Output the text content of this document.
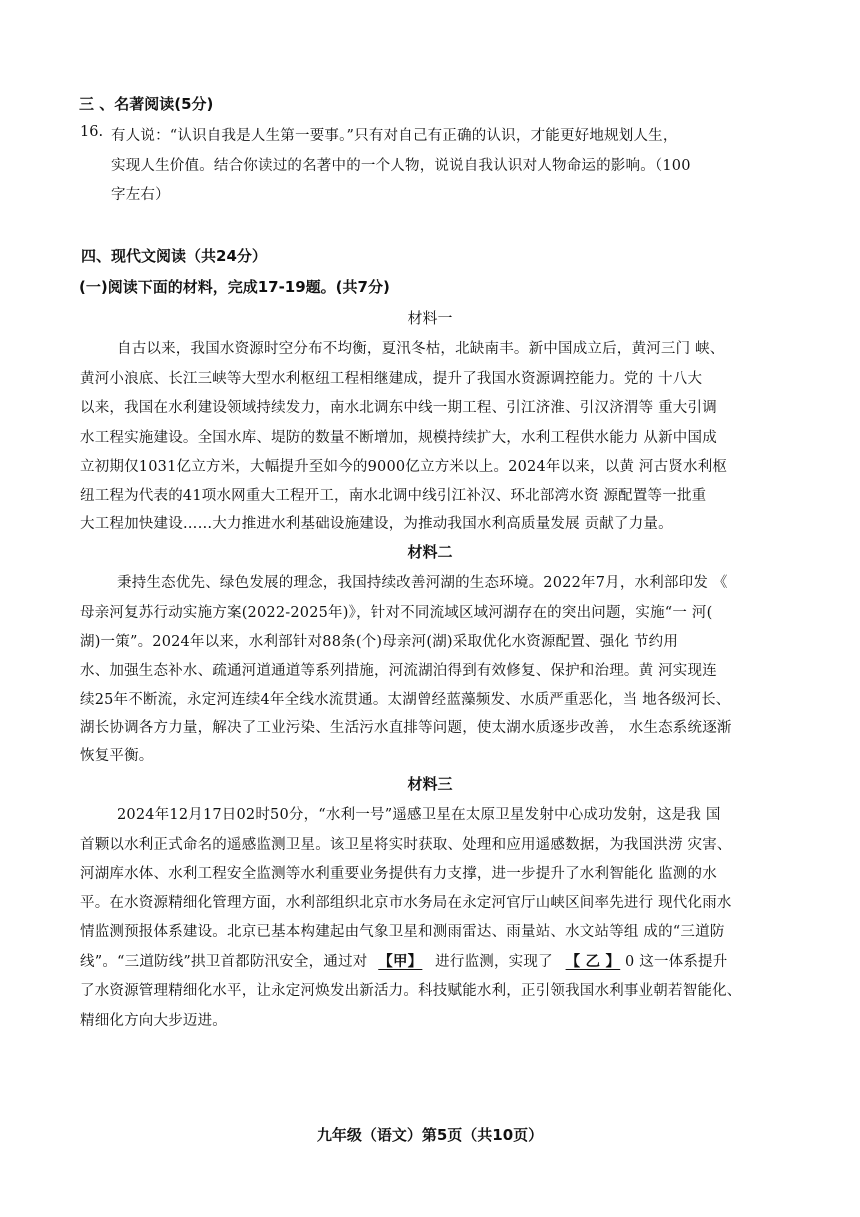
三 、名著阅读(5分)
16. 有人说：“认识自我是人生第一要事。”只有对自己有正确的认识，才能更好地规划人生，
实现人生价值。结合你读过的名著中的一个人物，说说自我认识对人物命运的影响。（100
字左右）
四、现代文阅读（共24分）
(一)阅读下面的材料，完成17-19题。(共7分)
材料一
自古以来，我国水资源时空分布不均衡，夏汛冬枯，北缺南丰。新中国成立后，黄河三门 峡、
黄河小浪底、长江三峡等大型水利枢纽工程相继建成，提升了我国水资源调控能力。党的 十八大
以来，我国在水利建设领域持续发力，南水北调东中线一期工程、引江济淮、引汉济渭等 重大引调
水工程实施建设。全国水库、堤防的数量不断增加，规模持续扩大，水利工程供水能力 从新中国成
立初期仅1031亿立方米，大幅提升至如今的9000亿立方米以上。2024年以来，以黄 河古贤水利枢
纽工程为代表的41项水网重大工程开工，南水北调中线引江补汉、环北部湾水资 源配置等一批重
大工程加快建设……大力推进水利基础设施建设，为推动我国水利高质量发展 贡献了力量。
材料二
秉持生态优先、绿色发展的理念，我国持续改善河湖的生态环境。2022年7月，水利部印发 《
母亲河复苏行动实施方案(2022-2025年)》，针对不同流域区域河湖存在的突出问题，实施“一 河(
湖)一策”。2024年以来，水利部针对88条(个)母亲河(湖)采取优化水资源配置、强化 节约用
水、加强生态补水、疏通河道通道等系列措施，河流湖泊得到有效修复、保护和治理。黄 河实现连
续25年不断流，永定河连续4年全线水流贯通。太湖曾经蓝藻频发、水质严重恶化，当 地各级河长、
湖长协调各方力量，解决了工业污染、生活污水直排等问题，使太湖水质逐步改善， 水生态系统逐渐
恢复平衡。
材料三
2024年12月17日02时50分，“水利一号”遥感卫星在太原卫星发射中心成功发射，这是我 国
首颗以水利正式命名的遥感监测卫星。该卫星将实时获取、处理和应用遥感数据，为我国洪涝 灾害、
河湖库水体、水利工程安全监测等水利重要业务提供有力支撑，进一步提升了水利智能化 监测的水
平。在水资源精细化管理方面，水利部组织北京市水务局在永定河官厅山峡区间率先进行 现代化雨水
情监测预报体系建设。北京已基本构建起由气象卫星和测雨雷达、雨量站、水文站等组 成的“三道防
线”。“三道防线”拱卫首都防汛安全，通过对 【甲】 进行监测，实现了 【 乙 】 0 这一体系提升
了水资源管理精细化水平，让永定河焕发出新活力。科技赋能水利，正引领我国水利事业朝若智能化、
精细化方向大步迈进。
九年级（语文）第5页（共10页）
